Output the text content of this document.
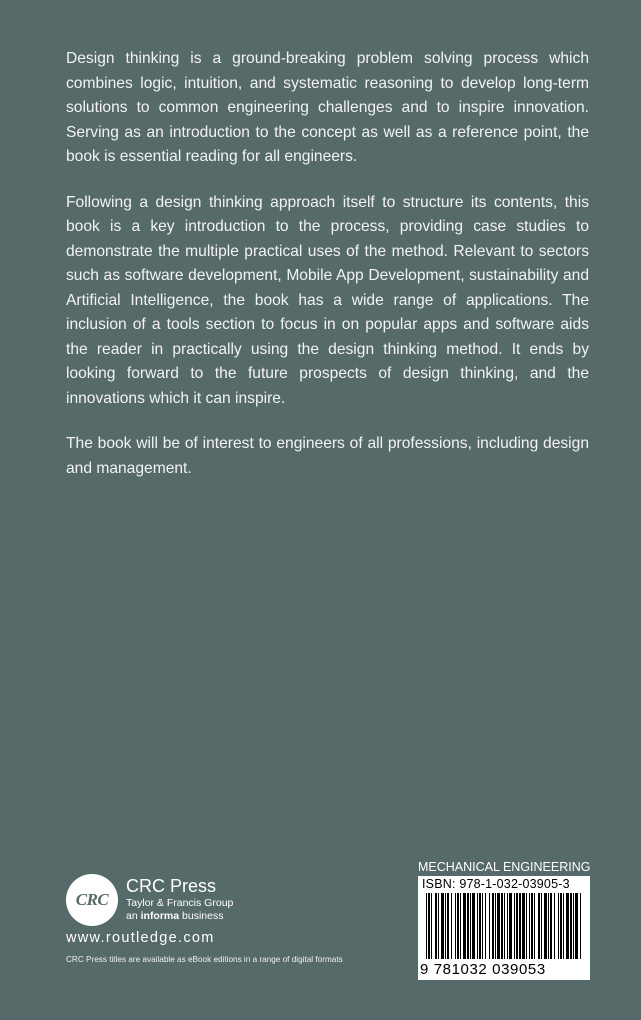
Design thinking is a ground-breaking problem solving process which combines logic, intuition, and systematic reasoning to develop long-term solutions to common engineering challenges and to inspire innovation. Serving as an introduction to the concept as well as a reference point, the book is essential reading for all engineers.

Following a design thinking approach itself to structure its contents, this book is a key introduction to the process, providing case studies to demonstrate the multiple practical uses of the method. Relevant to sectors such as software development, Mobile App Development, sustainability and Artificial Intelligence, the book has a wide range of applications. The inclusion of a tools section to focus in on popular apps and software aids the reader in practically using the design thinking method. It ends by looking forward to the future prospects of design thinking, and the innovations which it can inspire.

The book will be of interest to engineers of all professions, including design and management.

CRC
CRC Press
Taylor & Francis Group
an informa business
www.routledge.com
CRC Press titles are available as eBook editions in a range of digital formats
MECHANICAL ENGINEERING
ISBN: 978-1-032-03905-3
9 781032 039053
